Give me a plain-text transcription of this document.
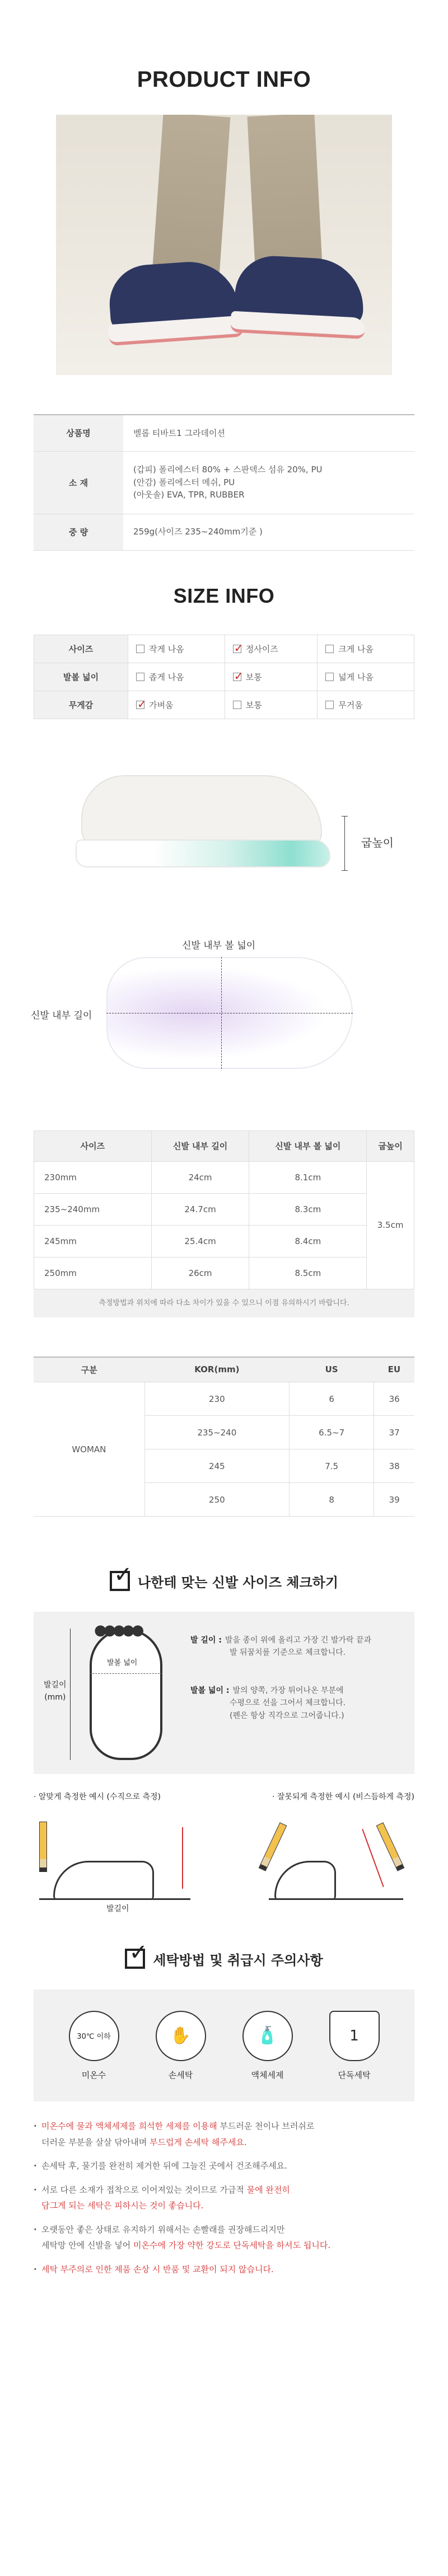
PRODUCT INFO
상품명	벨롭 티바트1 그라데이션
소 재	(갑피) 폴리에스터 80% + 스판덱스 섬유 20%, PU
(안감) 폴리에스터 메쉬, PU
(아웃솔) EVA, TPR, RUBBER

중 량	259g(사이즈 235~240mm기준 )
SIZE INFO
사이즈	작게 나옴	✓정사이즈	크게 나옴
발볼 넓이	좁게 나옴	✓보통	넓게 나옴
무게감	✓가벼움	보통	무거움
굽높이
신발 내부 길이
신발 내부 볼 넓이
사이즈	신발 내부 길이	신발 내부 볼 넓이	굽높이
230mm	24cm	8.1cm	3.5cm
235~240mm	24.7cm	8.3cm	
245mm	25.4cm	8.4cm	
250mm	26cm	8.5cm	
측정방법과 위치에 따라 다소 차이가 있을 수 있으니 이점 유의하시기 바랍니다.
구분	KOR(mm)	US	EU
WOMAN	230	6	36
	235~240	6.5~7	37
	245	7.5	38
	250	8	39
✓
나한테 맞는 신발 사이즈 체크하기
발길이
(mm)
●●●●●
발볼 넓이
발 길이 : 발을 종이 위에 올리고 가장 긴 발가락 끝과
발 뒤꿈치를 기준으로 체크합니다.
발볼 넓이 : 발의 양쪽, 가장 튀어나온 부분에
수평으로 선을 그어서 체크합니다.
(펜은 항상 직각으로 그어줍니다.)
· 알맞게 측정한 예시 (수직으로 측정)	· 잘못되게 측정한 예시 (비스듬하게 측정)
발길이
✓
세탁방법 및 취급시 주의사항
30℃ 이하
미온수
✋
손세탁
🧴
액체세제
1
단독세탁
· 미온수에 물과 액체세제를 희석한 세제를 이용해 부드러운 천이나 브러쉬로
더러운 부분을 살살 닦아내며 부드럽게 손세탁 해주세요.
· 손세탁 후, 물기를 완전히 제거한 뒤에 그늘진 곳에서 건조해주세요.
· 서로 다른 소재가 접착으로 이어져있는 것이므로 가급적 물에 완전히
담그게 되는 세탁은 피하시는 것이 좋습니다.
· 오랫동안 좋은 상태로 유지하기 위해서는 손빨래를 권장해드리지만
세탁망 안에 신발을 넣어 미온수에 가장 약한 강도로 단독세탁을 하셔도 됩니다.
· 세탁 부주의로 인한 제품 손상 시 반품 및 교환이 되지 않습니다.
